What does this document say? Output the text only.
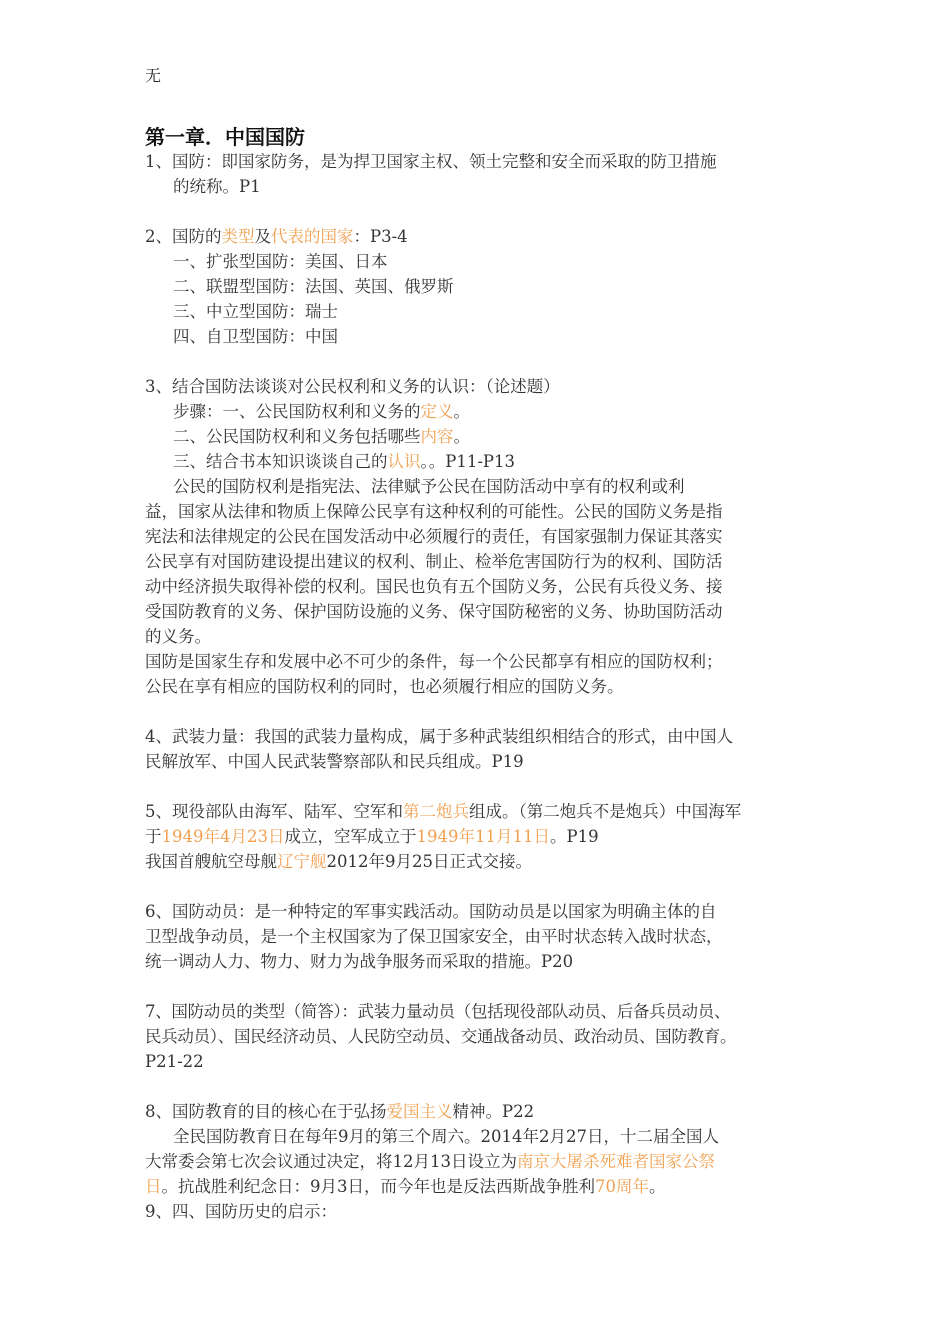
无
第一章．中国国防
1、国防：即国家防务，是为捍卫国家主权、领土完整和安全而采取的防卫措施
的统称。P1
2、国防的类型及代表的国家：P3-4
一、扩张型国防：美国、日本
二、联盟型国防：法国、英国、俄罗斯
三、中立型国防：瑞士
四、自卫型国防：中国
3、结合国防法谈谈对公民权利和义务的认识：（论述题）
步骤：一、公民国防权利和义务的定义。
二、公民国防权利和义务包括哪些内容。
三、结合书本知识谈谈自己的认识。。P11-P13
公民的国防权利是指宪法、法律赋予公民在国防活动中享有的权利或利
益，国家从法律和物质上保障公民享有这种权利的可能性。公民的国防义务是指
宪法和法律规定的公民在国发活动中必须履行的责任，有国家强制力保证其落实
公民享有对国防建设提出建议的权利、制止、检举危害国防行为的权利、国防活
动中经济损失取得补偿的权利。国民也负有五个国防义务，公民有兵役义务、接
受国防教育的义务、保护国防设施的义务、保守国防秘密的义务、协助国防活动
的义务。
国防是国家生存和发展中必不可少的条件，每一个公民都享有相应的国防权利；
公民在享有相应的国防权利的同时，也必须履行相应的国防义务。
4、武装力量：我国的武装力量构成，属于多种武装组织相结合的形式，由中国人
民解放军、中国人民武装警察部队和民兵组成。P19
5、现役部队由海军、陆军、空军和第二炮兵组成。（第二炮兵不是炮兵）中国海军
于1949年4月23日成立，空军成立于1949年11月11日。P19
我国首艘航空母舰辽宁舰2012年9月25日正式交接。
6、国防动员：是一种特定的军事实践活动。国防动员是以国家为明确主体的自
卫型战争动员，是一个主权国家为了保卫国家安全，由平时状态转入战时状态，
统一调动人力、物力、财力为战争服务而采取的措施。P20
7、国防动员的类型（简答）：武装力量动员（包括现役部队动员、后备兵员动员、
民兵动员）、国民经济动员、人民防空动员、交通战备动员、政治动员、国防教育。
P21-22
8、国防教育的目的核心在于弘扬爱国主义精神。P22
全民国防教育日在每年9月的第三个周六。2014年2月27日，十二届全国人
大常委会第七次会议通过决定，将12月13日设立为南京大屠杀死难者国家公祭
日。抗战胜利纪念日：9月3日，而今年也是反法西斯战争胜利70周年。
9、四、国防历史的启示：
